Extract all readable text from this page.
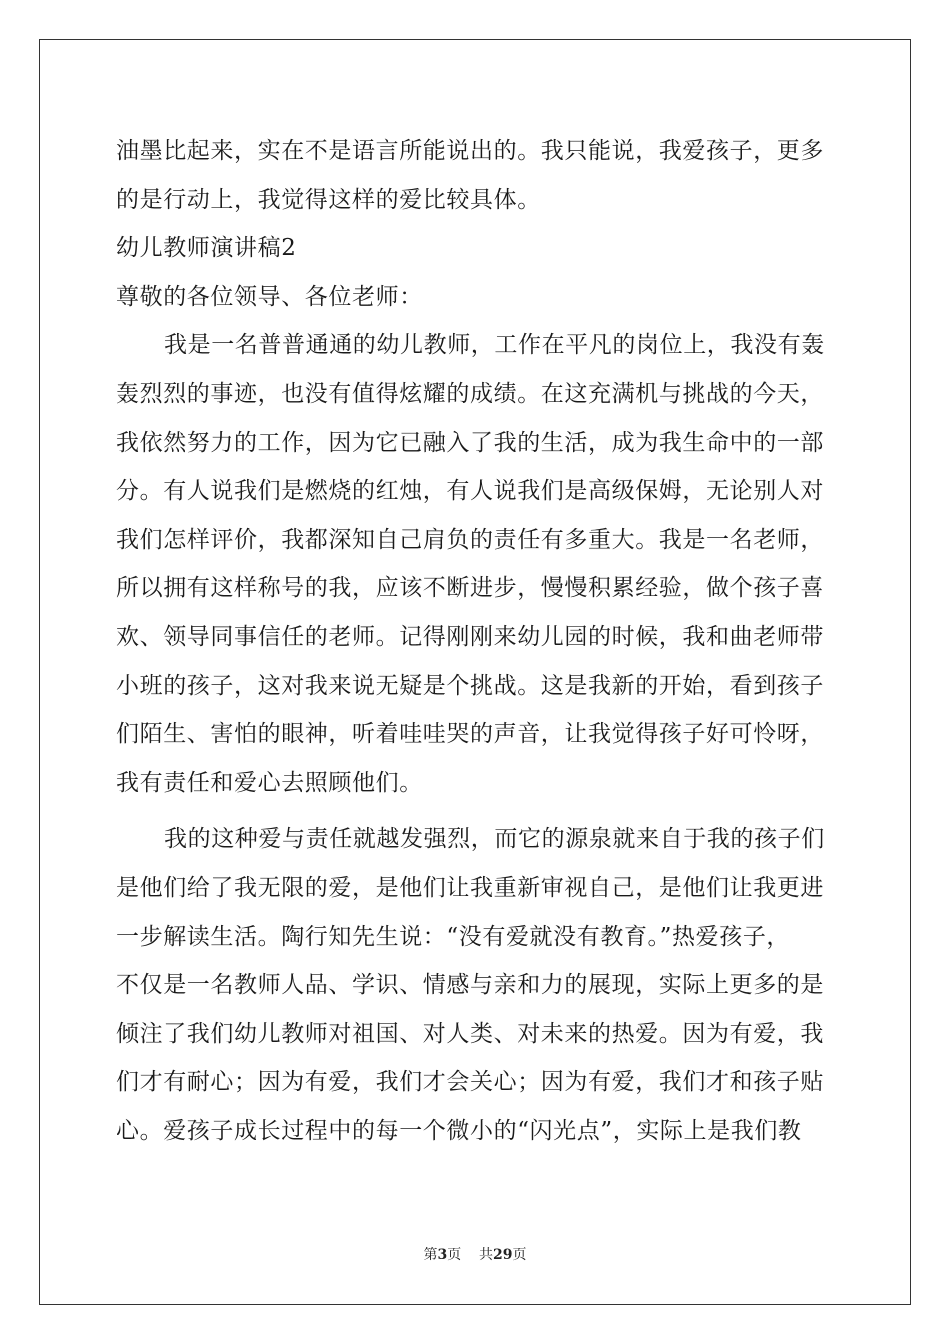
油墨比起来，实在不是语言所能说出的。我只能说，我爱孩子，更多
的是行动上，我觉得这样的爱比较具体。
幼儿教师演讲稿2
尊敬的各位领导、各位老师：
我是一名普普通通的幼儿教师，工作在平凡的岗位上，我没有轰
轰烈烈的事迹，也没有值得炫耀的成绩。在这充满机与挑战的今天，
我依然努力的工作，因为它已融入了我的生活，成为我生命中的一部
分。有人说我们是燃烧的红烛，有人说我们是高级保姆，无论别人对
我们怎样评价，我都深知自己肩负的责任有多重大。我是一名老师，
所以拥有这样称号的我，应该不断进步，慢慢积累经验，做个孩子喜
欢、领导同事信任的老师。记得刚刚来幼儿园的时候，我和曲老师带
小班的孩子，这对我来说无疑是个挑战。这是我新的开始，看到孩子
们陌生、害怕的眼神，听着哇哇哭的声音，让我觉得孩子好可怜呀，
我有责任和爱心去照顾他们。
我的这种爱与责任就越发强烈，而它的源泉就来自于我的孩子们
是他们给了我无限的爱，是他们让我重新审视自己，是他们让我更进
一步解读生活。陶行知先生说：“没有爱就没有教育。”热爱孩子，
不仅是一名教师人品、学识、情感与亲和力的展现，实际上更多的是
倾注了我们幼儿教师对祖国、对人类、对未来的热爱。因为有爱，我
们才有耐心；因为有爱，我们才会关心；因为有爱，我们才和孩子贴
心。爱孩子成长过程中的每一个微小的“闪光点”，实际上是我们教
第3页 共29页
